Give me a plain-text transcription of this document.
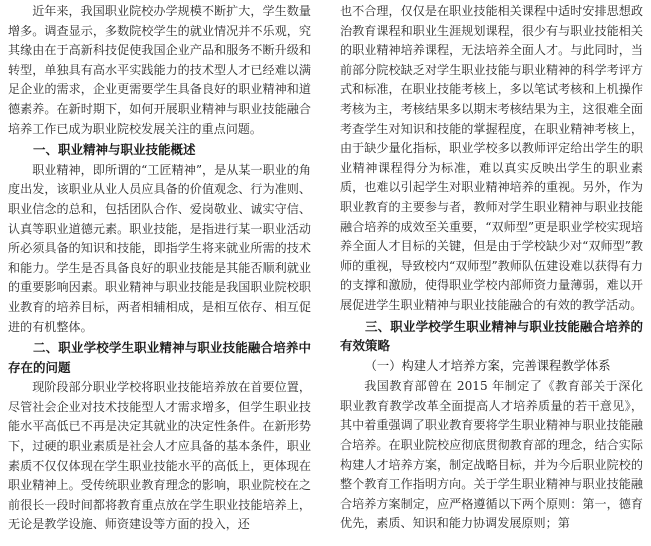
近年来，我国职业院校办学规模不断扩大，学生数量增多。调查显示，多数院校学生的就业情况并不乐观，究其缘由在于高新科技促使我国企业产品和服务不断升级和转型，单独具有高水平实践能力的技术型人才已经难以满足企业的需求，企业更需要学生具备良好的职业精神和道德素养。在新时期下，如何开展职业精神与职业技能融合培养工作已成为职业院校发展关注的重点问题。

一、职业精神与职业技能概述

职业精神，即所谓的“工匠精神”，是从某一职业的角度出发，该职业从业人员应具备的价值观念、行为准则、职业信念的总和，包括团队合作、爱岗敬业、诚实守信、认真等职业道德元素。职业技能，是指进行某一职业活动所必须具备的知识和技能，即指学生将来就业所需的技术和能力。学生是否具备良好的职业技能是其能否顺利就业的重要影响因素。职业精神与职业技能是我国职业院校职业教育的培养目标，两者相辅相成，是相互依存、相互促进的有机整体。

二、职业学校学生职业精神与职业技能融合培养中存在的问题

现阶段部分职业学校将职业技能培养放在首要位置，尽管社会企业对技术技能型人才需求增多，但学生职业技能水平高低已不再是决定其就业的决定性条件。在新形势下，过硬的职业素质是社会人才应具备的基本条件，职业素质不仅仅体现在学生职业技能水平的高低上，更体现在职业精神上。受传统职业教育理念的影响，职业院校在之前很长一段时间都将教育重点放在学生职业技能培养上，无论是教学设施、师资建设等方面的投入，还

也不合理，仅仅是在职业技能相关课程中适时安排思想政治教育课程和职业生涯规划课程，很少有与职业技能相关的职业精神培养课程，无法培养全面人才。与此同时，当前部分院校缺乏对学生职业技能与职业精神的科学考评方式和标准，在职业技能考核上，多以笔试考核和上机操作考核为主，考核结果多以期末考核结果为主，这很难全面考查学生对知识和技能的掌握程度，在职业精神考核上，由于缺少量化指标，职业学校多以教师评定给出学生的职业精神课程得分为标准，难以真实反映出学生的职业素质，也难以引起学生对职业精神培养的重视。另外，作为职业教育的主要参与者，教师对学生职业精神与职业技能融合培养的成效至关重要，“双师型”更是职业学校实现培养全面人才目标的关键，但是由于学校缺少对“双师型”教师的重视，导致校内“双师型”教师队伍建设难以获得有力的支撑和激励，使得职业学校内部师资力量薄弱，难以开展促进学生职业精神与职业技能融合的有效的教学活动。

三、职业学校学生职业精神与职业技能融合培养的有效策略
（一）构建人才培养方案，完善课程教学体系

我国教育部曾在 2015 年制定了《教育部关于深化职业教育教学改革全面提高人才培养质量的若干意见》，其中着重强调了职业教育要将学生职业精神与职业技能融合培养。在职业院校应彻底贯彻教育部的理念，结合实际构建人才培养方案，制定战略目标，并为今后职业院校的整个教育工作指明方向。关于学生职业精神与职业技能融合培养方案制定，应严格遵循以下两个原则：第一，德育优先，素质、知识和能力协调发展原则；第
